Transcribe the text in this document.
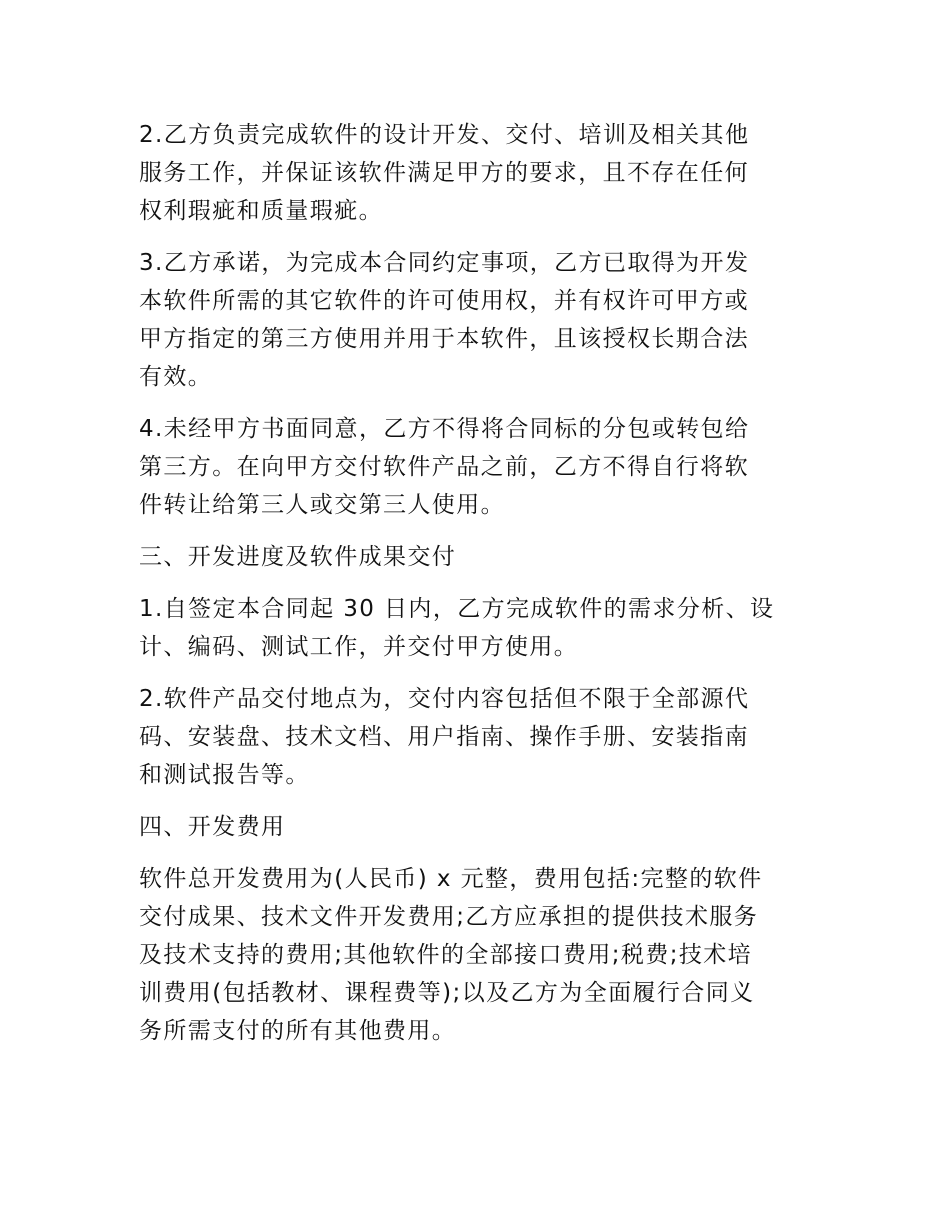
2.乙方负责完成软件的设计开发、交付、培训及相关其他
服务工作，并保证该软件满足甲方的要求，且不存在任何
权利瑕疵和质量瑕疵。

3.乙方承诺，为完成本合同约定事项，乙方已取得为开发
本软件所需的其它软件的许可使用权，并有权许可甲方或
甲方指定的第三方使用并用于本软件，且该授权长期合法
有效。

4.未经甲方书面同意，乙方不得将合同标的分包或转包给
第三方。在向甲方交付软件产品之前，乙方不得自行将软
件转让给第三人或交第三人使用。

三、开发进度及软件成果交付

1.自签定本合同起 30 日内，乙方完成软件的需求分析、设
计、编码、测试工作，并交付甲方使用。

2.软件产品交付地点为，交付内容包括但不限于全部源代
码、安装盘、技术文档、用户指南、操作手册、安装指南
和测试报告等。

四、开发费用

软件总开发费用为(人民币) x 元整，费用包括:完整的软件
交付成果、技术文件开发费用;乙方应承担的提供技术服务
及技术支持的费用;其他软件的全部接口费用;税费;技术培
训费用(包括教材、课程费等);以及乙方为全面履行合同义
务所需支付的所有其他费用。
